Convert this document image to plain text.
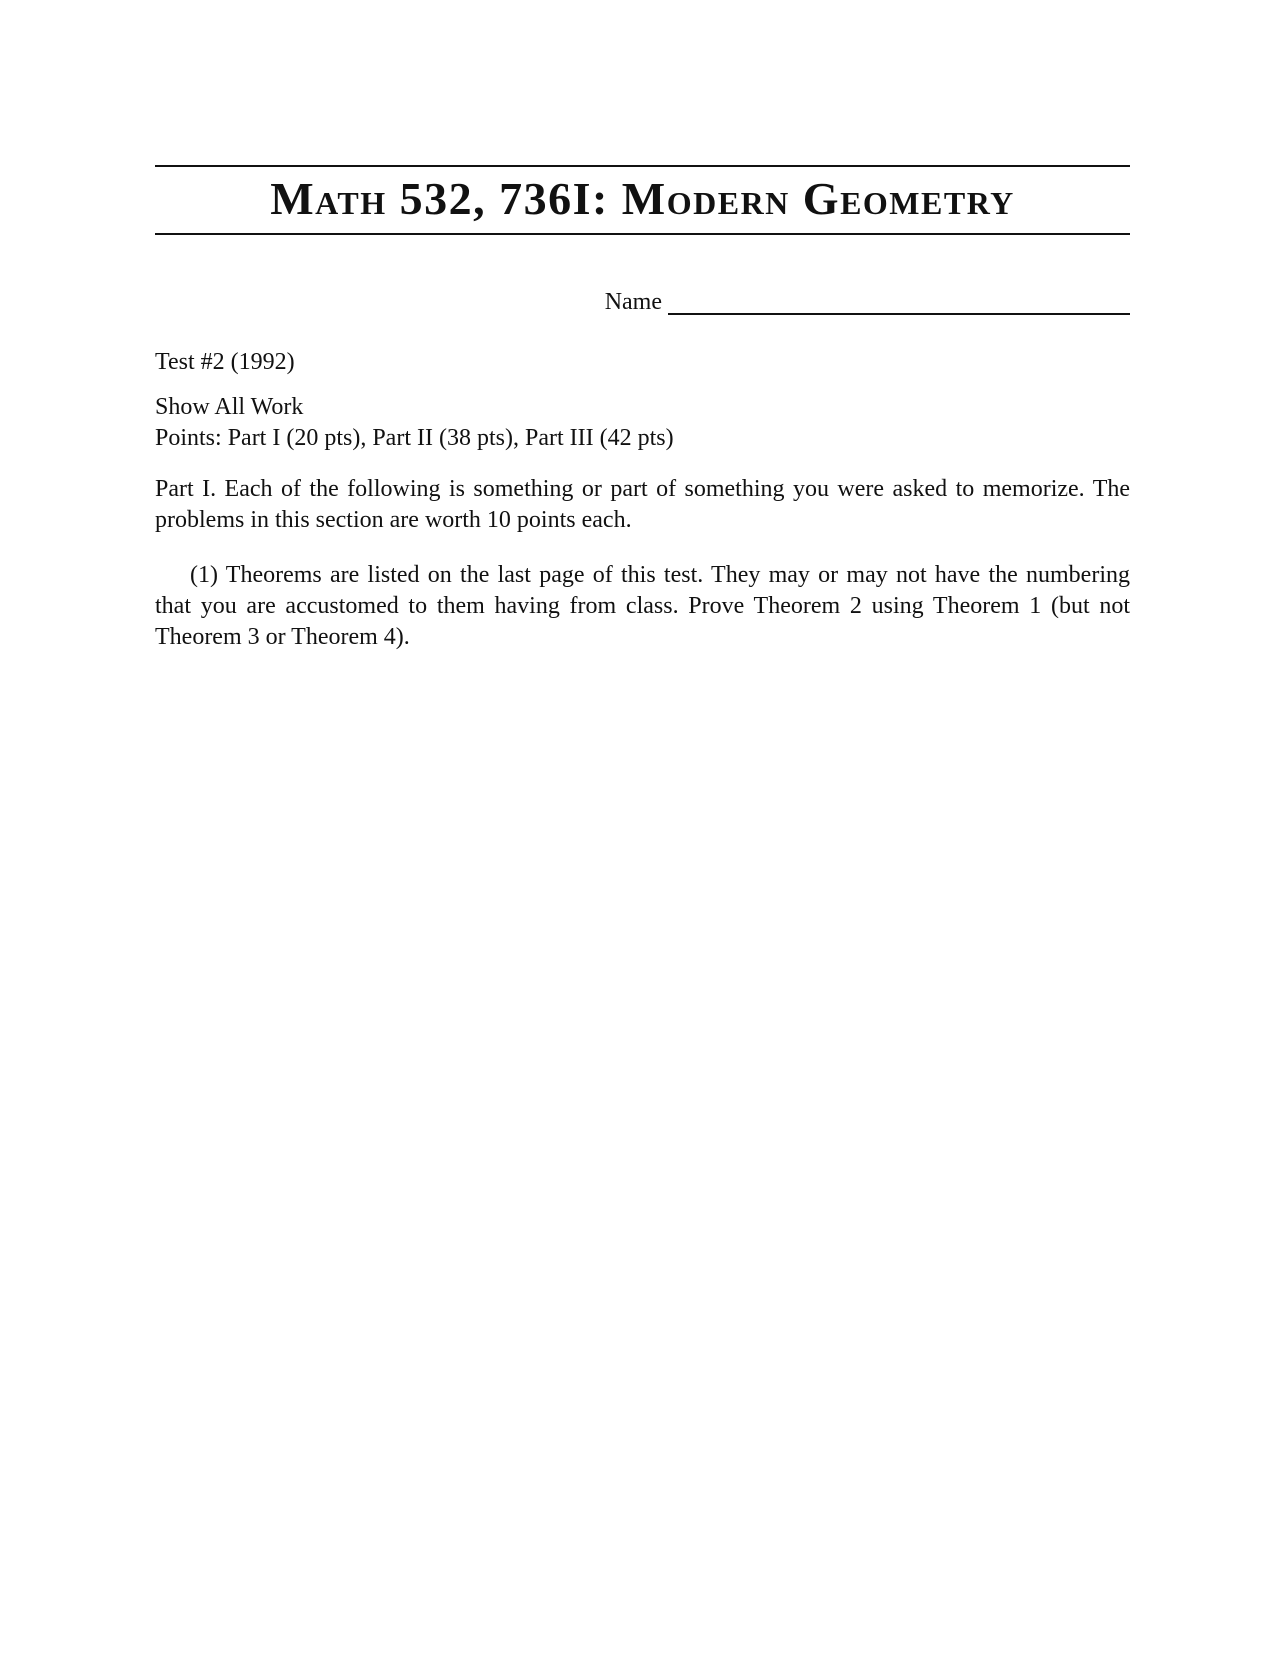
Math 532, 736I: Modern Geometry
Name
Test #2 (1992)
Show All Work
Points: Part I (20 pts), Part II (38 pts), Part III (42 pts)

Part I. Each of the following is something or part of something you were asked to memorize. The problems in this section are worth 10 points each.

(1) Theorems are listed on the last page of this test. They may or may not have the numbering that you are accustomed to them having from class. Prove Theorem 2 using Theorem 1 (but not Theorem 3 or Theorem 4).
